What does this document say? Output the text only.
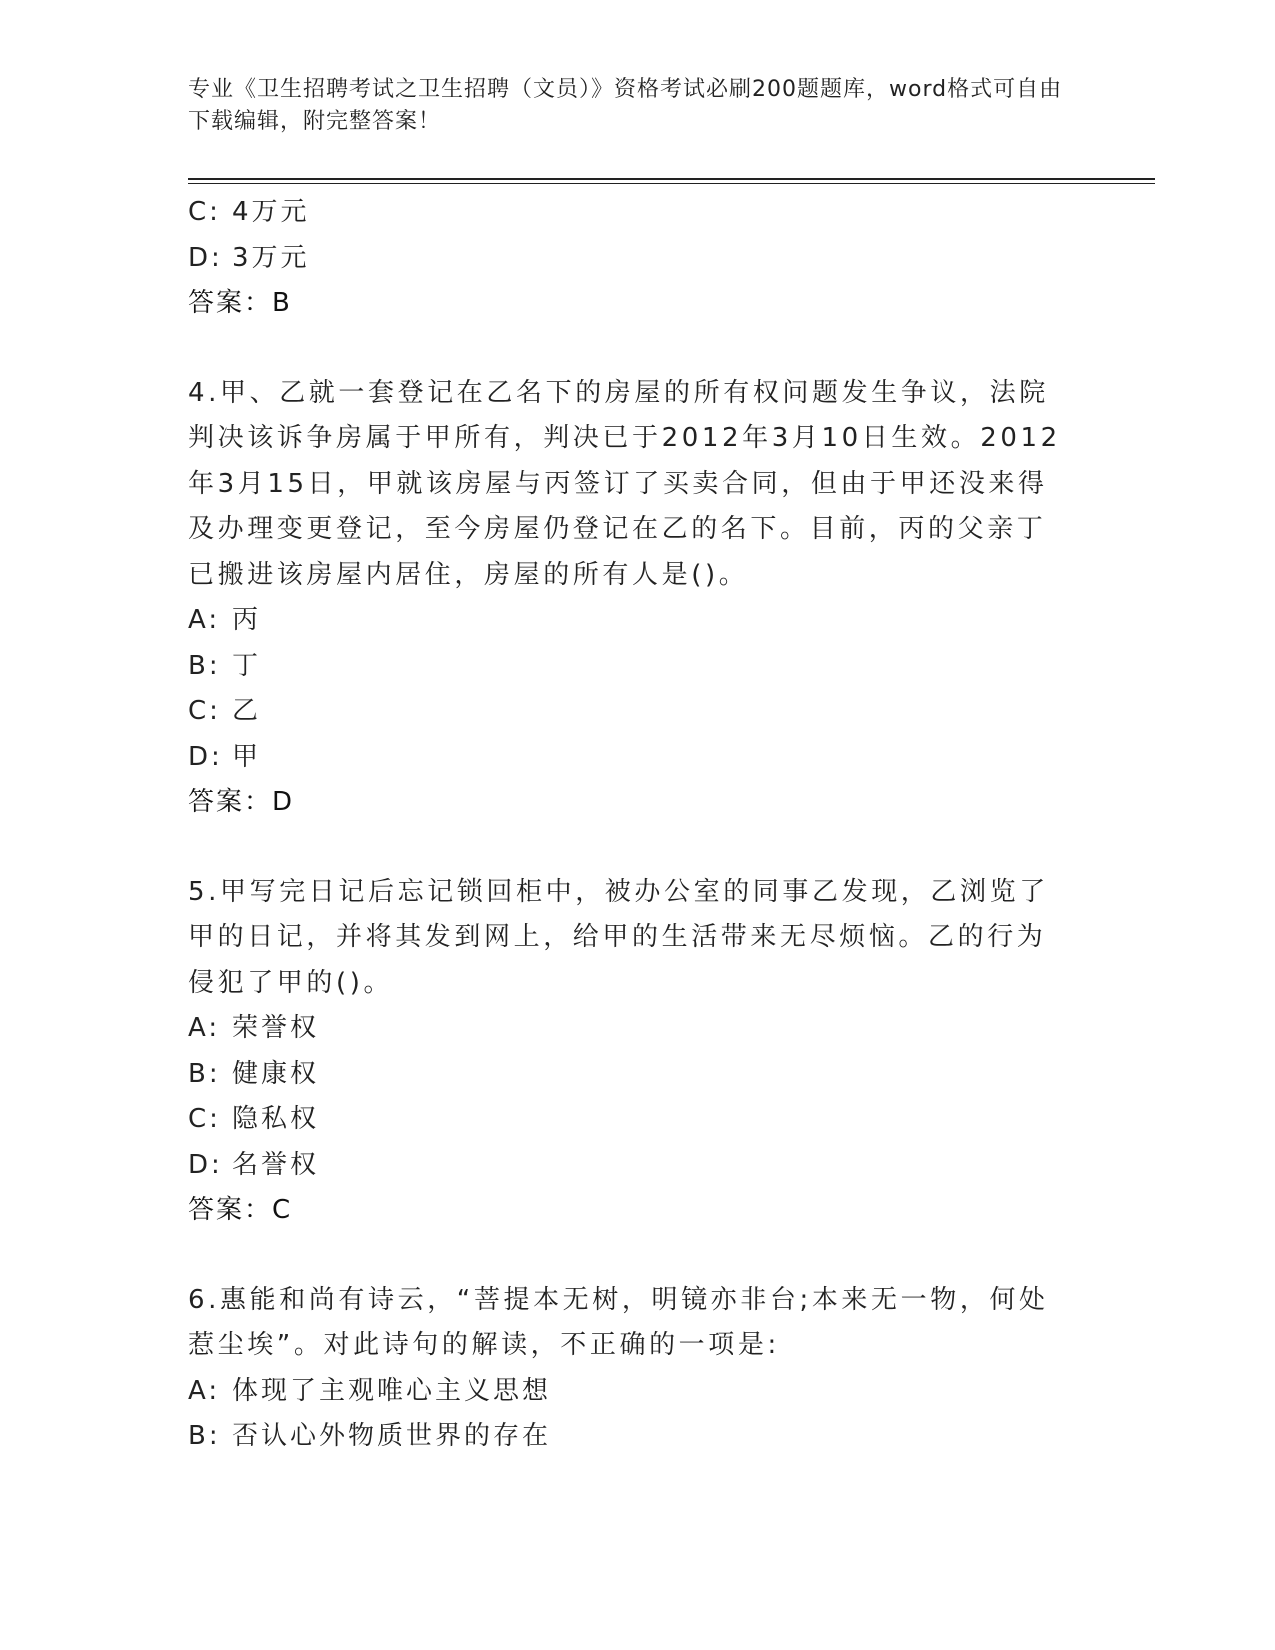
专业《卫生招聘考试之卫生招聘（文员）》资格考试必刷200题题库，word格式可自由下载编辑，附完整答案！
C: 4万元
D: 3万元
答案：B
4.甲、乙就一套登记在乙名下的房屋的所有权问题发生争议，法院判决该诉争房属于甲所有，判决已于2012年3月10日生效。2012年3月15日，甲就该房屋与丙签订了买卖合同，但由于甲还没来得及办理变更登记，至今房屋仍登记在乙的名下。目前，丙的父亲丁已搬进该房屋内居住，房屋的所有人是()。
A: 丙
B: 丁
C: 乙
D: 甲
答案：D
5.甲写完日记后忘记锁回柜中，被办公室的同事乙发现，乙浏览了甲的日记，并将其发到网上，给甲的生活带来无尽烦恼。乙的行为侵犯了甲的()。
A: 荣誉权
B: 健康权
C: 隐私权
D: 名誉权
答案：C
6.惠能和尚有诗云，“菩提本无树，明镜亦非台;本来无一物，何处惹尘埃”。对此诗句的解读，不正确的一项是:
A: 体现了主观唯心主义思想
B: 否认心外物质世界的存在
